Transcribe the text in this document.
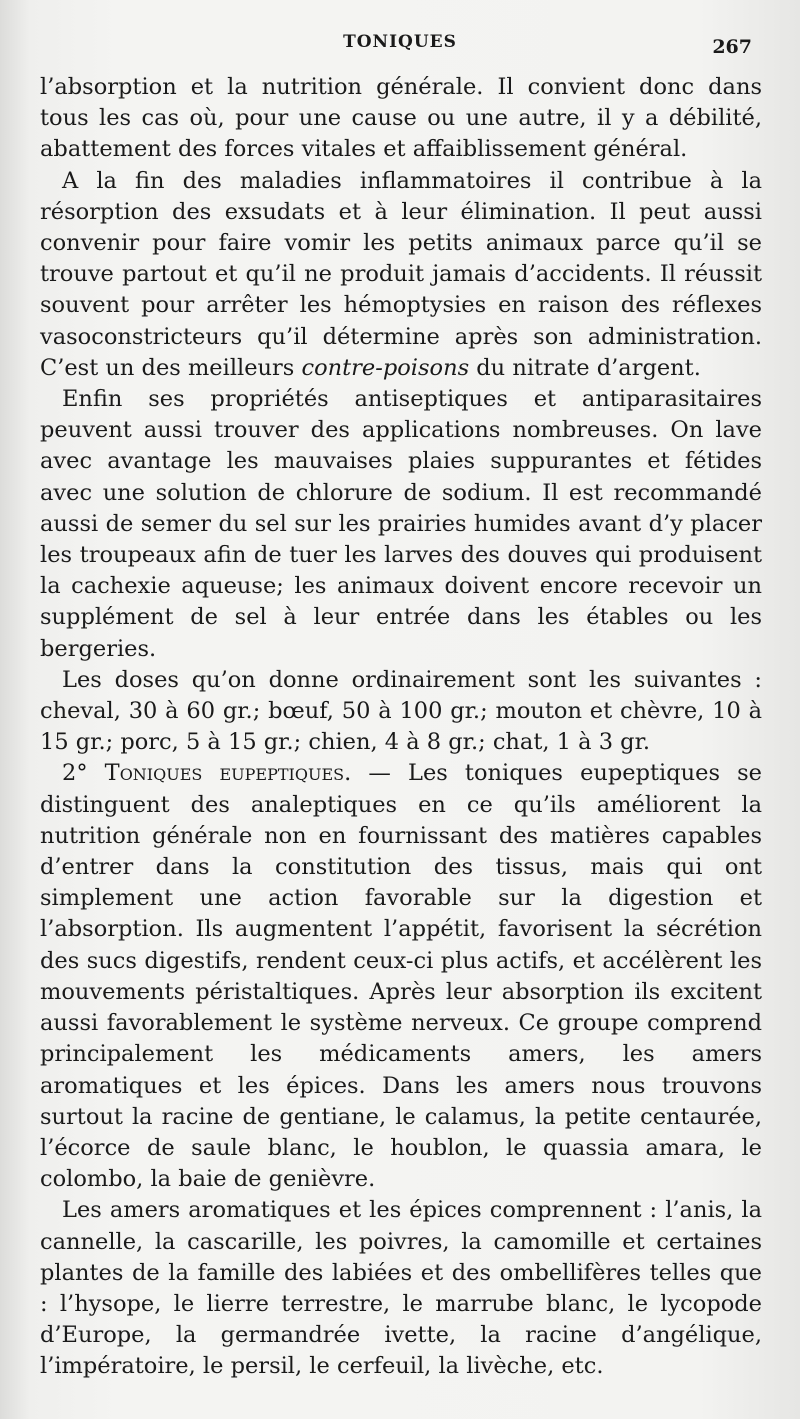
TONIQUES	267

l’absorption et la nutrition générale. Il convient donc dans tous les cas où, pour une cause ou une autre, il y a débilité, abattement des forces vitales et affaiblissement général.

A la fin des maladies inflammatoires il contribue à la résorption des exsudats et à leur élimination. Il peut aussi convenir pour faire vomir les petits animaux parce qu’il se trouve partout et qu’il ne produit jamais d’accidents. Il réussit souvent pour arrêter les hémoptysies en raison des réflexes vasoconstricteurs qu’il détermine après son administration. C’est un des meilleurs contre-poisons du nitrate d’argent.

Enfin ses propriétés antiseptiques et antiparasitaires peuvent aussi trouver des applications nombreuses. On lave avec avantage les mauvaises plaies suppurantes et fétides avec une solution de chlorure de sodium. Il est recommandé aussi de semer du sel sur les prairies humides avant d’y placer les troupeaux afin de tuer les larves des douves qui produisent la cachexie aqueuse; les animaux doivent encore recevoir un supplément de sel à leur entrée dans les étables ou les bergeries.

Les doses qu’on donne ordinairement sont les suivantes : cheval, 30 à 60 gr.; bœuf, 50 à 100 gr.; mouton et chèvre, 10 à 15 gr.; porc, 5 à 15 gr.; chien, 4 à 8 gr.; chat, 1 à 3 gr.

2° Toniques eupeptiques. — Les toniques eupeptiques se distinguent des analeptiques en ce qu’ils améliorent la nutrition générale non en fournissant des matières capables d’entrer dans la constitution des tissus, mais qui ont simplement une action favorable sur la digestion et l’absorption. Ils augmentent l’appétit, favorisent la sécrétion des sucs digestifs, rendent ceux-ci plus actifs, et accélèrent les mouvements péristaltiques. Après leur absorption ils excitent aussi favorablement le système nerveux. Ce groupe comprend principalement les médicaments amers, les amers aromatiques et les épices. Dans les amers nous trouvons surtout la racine de gentiane, le calamus, la petite centaurée, l’écorce de saule blanc, le houblon, le quassia amara, le colombo, la baie de genièvre.

Les amers aromatiques et les épices comprennent : l’anis, la cannelle, la cascarille, les poivres, la camomille et certaines plantes de la famille des labiées et des ombellifères telles que : l’hysope, le lierre terrestre, le marrube blanc, le lycopode d’Europe, la germandrée ivette, la racine d’angélique, l’impératoire, le persil, le cerfeuil, la livèche, etc.
